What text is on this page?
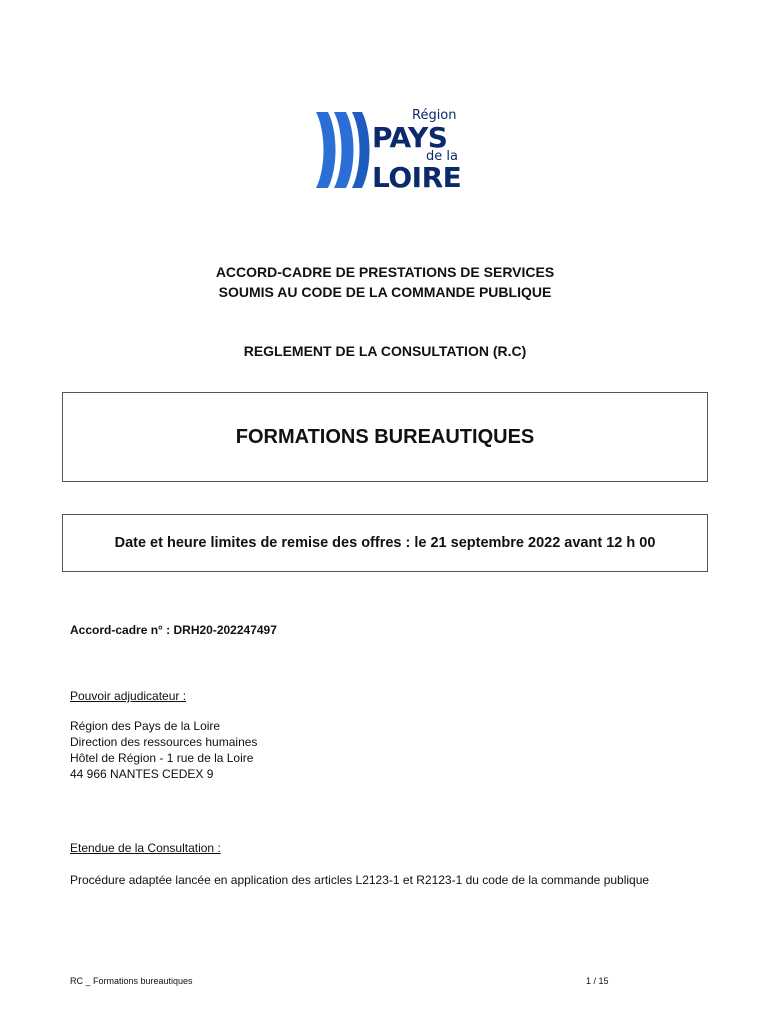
Région
PAYS
de la
LOIRE
ACCORD-CADRE DE PRESTATIONS DE SERVICES
SOUMIS AU CODE DE LA COMMANDE PUBLIQUE
REGLEMENT DE LA CONSULTATION (R.C)
FORMATIONS BUREAUTIQUES
Date et heure limites de remise des offres : le 21 septembre 2022 avant 12 h 00
Accord-cadre n° : DRH20-202247497
Pouvoir adjudicateur :
Région des Pays de la Loire
Direction des ressources humaines
Hôtel de Région - 1 rue de la Loire
44 966 NANTES CEDEX 9
Etendue de la Consultation :
Procédure adaptée lancée en application des articles L2123-1 et R2123-1 du code de la commande publique
RC _ Formations bureautiques	1 / 15
